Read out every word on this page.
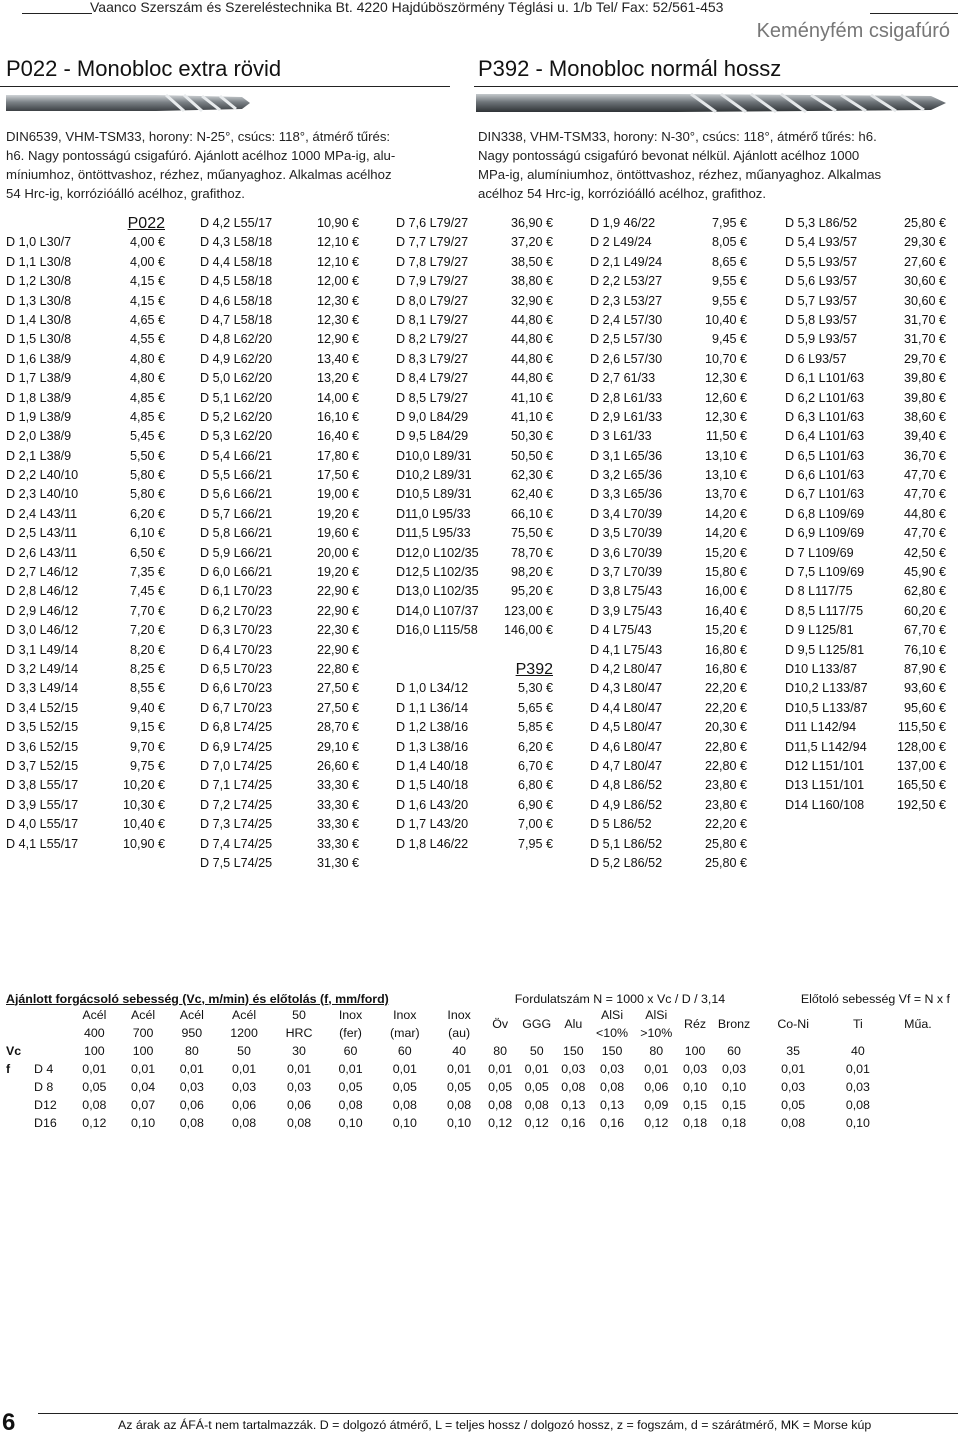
Vaanco Szerszám és Szereléstechnika Bt. 4220 Hajdúböszörmény Téglási u. 1/b Tel/ Fax: 52/561-453
Keményfém csigafúró
P022 - Monobloc extra rövid
DIN6539, VHM-TSM33, horony: N-25°, csúcs: 118°, átmérő tűrés:
h6. Nagy pontosságú csigafúró. Ajánlott acélhoz 1000 MPa-ig, alu-
míniumhoz, öntöttvashoz, rézhez, műanyaghoz. Alkalmas acélhoz
54 Hrc-ig, korrózióálló acélhoz, grafithoz.
P392 - Monobloc normál hossz
DIN338, VHM-TSM33, horony: N-30°, csúcs: 118°, átmérő tűrés: h6.
Nagy pontosságú csigafúró bevonat nélkül. Ajánlott acélhoz 1000
MPa-ig, alumíniumhoz, öntöttvashoz, rézhez, műanyaghoz. Alkalmas
acélhoz 54 Hrc-ig, korrózióálló acélhoz, grafithoz.
P022
D 1,0 L30/7	4,00 €
D 1,1 L30/8	4,00 €
D 1,2 L30/8	4,15 €
D 1,3 L30/8	4,15 €
D 1,4 L30/8	4,65 €
D 1,5 L30/8	4,55 €
D 1,6 L38/9	4,80 €
D 1,7 L38/9	4,80 €
D 1,8 L38/9	4,85 €
D 1,9 L38/9	4,85 €
D 2,0 L38/9	5,45 €
D 2,1 L38/9	5,50 €
D 2,2 L40/10	5,80 €
D 2,3 L40/10	5,80 €
D 2,4 L43/11	6,20 €
D 2,5 L43/11	6,10 €
D 2,6 L43/11	6,50 €
D 2,7 L46/12	7,35 €
D 2,8 L46/12	7,45 €
D 2,9 L46/12	7,70 €
D 3,0 L46/12	7,20 €
D 3,1 L49/14	8,20 €
D 3,2 L49/14	8,25 €
D 3,3 L49/14	8,55 €
D 3,4 L52/15	9,40 €
D 3,5 L52/15	9,15 €
D 3,6 L52/15	9,70 €
D 3,7 L52/15	9,75 €
D 3,8 L55/17	10,20 €
D 3,9 L55/17	10,30 €
D 4,0 L55/17	10,40 €
D 4,1 L55/17	10,90 €
D 4,2 L55/17	10,90 €
D 4,3 L58/18	12,10 €
D 4,4 L58/18	12,10 €
D 4,5 L58/18	12,00 €
D 4,6 L58/18	12,30 €
D 4,7 L58/18	12,30 €
D 4,8 L62/20	12,90 €
D 4,9 L62/20	13,40 €
D 5,0 L62/20	13,20 €
D 5,1 L62/20	14,00 €
D 5,2 L62/20	16,10 €
D 5,3 L62/20	16,40 €
D 5,4 L66/21	17,80 €
D 5,5 L66/21	17,50 €
D 5,6 L66/21	19,00 €
D 5,7 L66/21	19,20 €
D 5,8 L66/21	19,60 €
D 5,9 L66/21	20,00 €
D 6,0 L66/21	19,20 €
D 6,1 L70/23	22,90 €
D 6,2 L70/23	22,90 €
D 6,3 L70/23	22,30 €
D 6,4 L70/23	22,90 €
D 6,5 L70/23	22,80 €
D 6,6 L70/23	27,50 €
D 6,7 L70/23	27,50 €
D 6,8 L74/25	28,70 €
D 6,9 L74/25	29,10 €
D 7,0 L74/25	26,60 €
D 7,1 L74/25	33,30 €
D 7,2 L74/25	33,30 €
D 7,3 L74/25	33,30 €
D 7,4 L74/25	33,30 €
D 7,5 L74/25	31,30 €
D 7,6 L79/27	36,90 €
D 7,7 L79/27	37,20 €
D 7,8 L79/27	38,50 €
D 7,9 L79/27	38,80 €
D 8,0 L79/27	32,90 €
D 8,1 L79/27	44,80 €
D 8,2 L79/27	44,80 €
D 8,3 L79/27	44,80 €
D 8,4 L79/27	44,80 €
D 8,5 L79/27	41,10 €
D 9,0 L84/29	41,10 €
D 9,5 L84/29	50,30 €
D10,0 L89/31	50,50 €
D10,2 L89/31	62,30 €
D10,5 L89/31	62,40 €
D11,0 L95/33	66,10 €
D11,5 L95/33	75,50 €
D12,0 L102/35	78,70 €
D12,5 L102/35	98,20 €
D13,0 L102/35	95,20 €
D14,0 L107/37	123,00 €
D16,0 L115/58	146,00 €
P392
D 1,0 L34/12	5,30 €
D 1,1 L36/14	5,65 €
D 1,2 L38/16	5,85 €
D 1,3 L38/16	6,20 €
D 1,4 L40/18	6,70 €
D 1,5 L40/18	6,80 €
D 1,6 L43/20	6,90 €
D 1,7 L43/20	7,00 €
D 1,8 L46/22	7,95 €
D 1,9 46/22	7,95 €
D 2 L49/24	8,05 €
D 2,1 L49/24	8,65 €
D 2,2 L53/27	9,55 €
D 2,3 L53/27	9,55 €
D 2,4 L57/30	10,40 €
D 2,5 L57/30	9,45 €
D 2,6 L57/30	10,70 €
D 2,7 61/33	12,30 €
D 2,8 L61/33	12,60 €
D 2,9 L61/33	12,30 €
D 3 L61/33	11,50 €
D 3,1 L65/36	13,10 €
D 3,2 L65/36	13,10 €
D 3,3 L65/36	13,70 €
D 3,4 L70/39	14,20 €
D 3,5 L70/39	14,20 €
D 3,6 L70/39	15,20 €
D 3,7 L70/39	15,80 €
D 3,8 L75/43	16,00 €
D 3,9 L75/43	16,40 €
D 4 L75/43	15,20 €
D 4,1 L75/43	16,80 €
D 4,2 L80/47	16,80 €
D 4,3 L80/47	22,20 €
D 4,4 L80/47	22,20 €
D 4,5 L80/47	20,30 €
D 4,6 L80/47	22,80 €
D 4,7 L80/47	22,80 €
D 4,8 L86/52	23,80 €
D 4,9 L86/52	23,80 €
D 5 L86/52	22,20 €
D 5,1 L86/52	25,80 €
D 5,2 L86/52	25,80 €
D 5,3 L86/52	25,80 €
D 5,4 L93/57	29,30 €
D 5,5 L93/57	27,60 €
D 5,6 L93/57	30,60 €
D 5,7 L93/57	30,60 €
D 5,8 L93/57	31,70 €
D 5,9 L93/57	31,70 €
D 6 L93/57	29,70 €
D 6,1 L101/63	39,80 €
D 6,2 L101/63	39,80 €
D 6,3 L101/63	38,60 €
D 6,4 L101/63	39,40 €
D 6,5 L101/63	36,70 €
D 6,6 L101/63	47,70 €
D 6,7 L101/63	47,70 €
D 6,8 L109/69	44,80 €
D 6,9 L109/69	47,70 €
D 7 L109/69	42,50 €
D 7,5 L109/69	45,90 €
D 8 L117/75	62,80 €
D 8,5 L117/75	60,20 €
D 9 L125/81	67,70 €
D 9,5 L125/81	76,10 €
D10 L133/87	87,90 €
D10,2 L133/87	93,60 €
D10,5 L133/87	95,60 €
D11 L142/94	115,50 €
D11,5 L142/94	128,00 €
D12 L151/101	137,00 €
D13 L151/101	165,50 €
D14 L160/108	192,50 €
Ajánlott forgácsoló sebesség (Vc, m/min) és előtolás (f, mm/ford)										Fordulatszám N = 1000 x Vc / D / 3,14							Előtoló sebesség Vf = N x f		
		Acél	Acél	Acél	Acél	50	Inox	Inox	Inox	Öv	GGG	Alu	AlSi	AlSi	Réz	Bronz	Co-Ni	Ti	Műa.
		400	700	950	1200	HRC	(fer)	(mar)	(au)				<10%	>10%					
Vc		100	100	80	50	30	60	60	40	80	50	150	150	80	100	60	35	40	
f	D 4	0,01	0,01	0,01	0,01	0,01	0,01	0,01	0,01	0,01	0,01	0,03	0,03	0,01	0,03	0,03	0,01	0,01	
	D 8	0,05	0,04	0,03	0,03	0,03	0,05	0,05	0,05	0,05	0,05	0,08	0,08	0,06	0,10	0,10	0,03	0,03	
	D12	0,08	0,07	0,06	0,06	0,06	0,08	0,08	0,08	0,08	0,08	0,13	0,13	0,09	0,15	0,15	0,05	0,08	
	D16	0,12	0,10	0,08	0,08	0,08	0,10	0,10	0,10	0,12	0,12	0,16	0,16	0,12	0,18	0,18	0,08	0,10	
6	Az árak az ÁFÁ-t nem tartalmazzák. D = dolgozó átmérő, L = teljes hossz / dolgozó hossz, z = fogszám, d = szárátmérő, MK = Morse kúp
